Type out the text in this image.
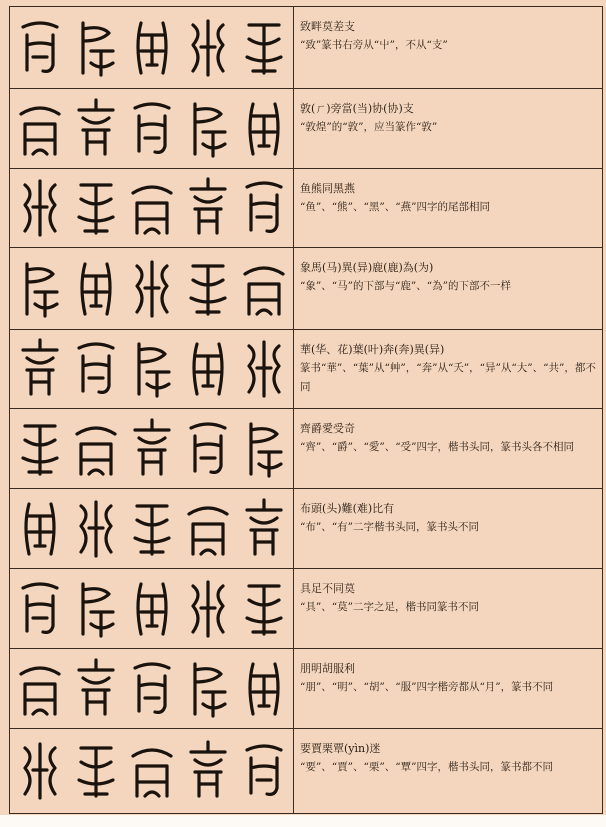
致畔莫差支
“致”篆书右旁从“屮”，不从“支”
敦(ㄏ)旁當(当)协(协)支
“敦煌”的“敦”，应当篆作“敦”
鱼熊同黑燕
“鱼”、“熊”、“黑”、“燕”四字的尾部相同
象馬(马)異(异)鹿(鹿)為(为)
“象”、“马”的下部与“鹿”、“為”的下部不一样
華(华、花)葉(叶)奔(奔)異(异)
篆书“華”、“葉”从“艸”，“奔”从“夭”，“异”从“大”、“共”，都不同
齊爵愛受奇
“齊”、“爵”、“愛”、“受”四字，楷书头同，篆书头各不相同
布頭(头)難(难)比有
“布”、“有”二字楷书头同，篆书头不同
具足不同莫
“具”、“莫”二字之足，楷书同篆书不同
朋明胡服利
“朋”、“明”、“胡”、“服”四字楷旁都从“月”，篆书不同
要賈栗覃(yìn)迷
“要”、“賈”、“栗”、“覃”四字，楷书头同，篆书都不同
